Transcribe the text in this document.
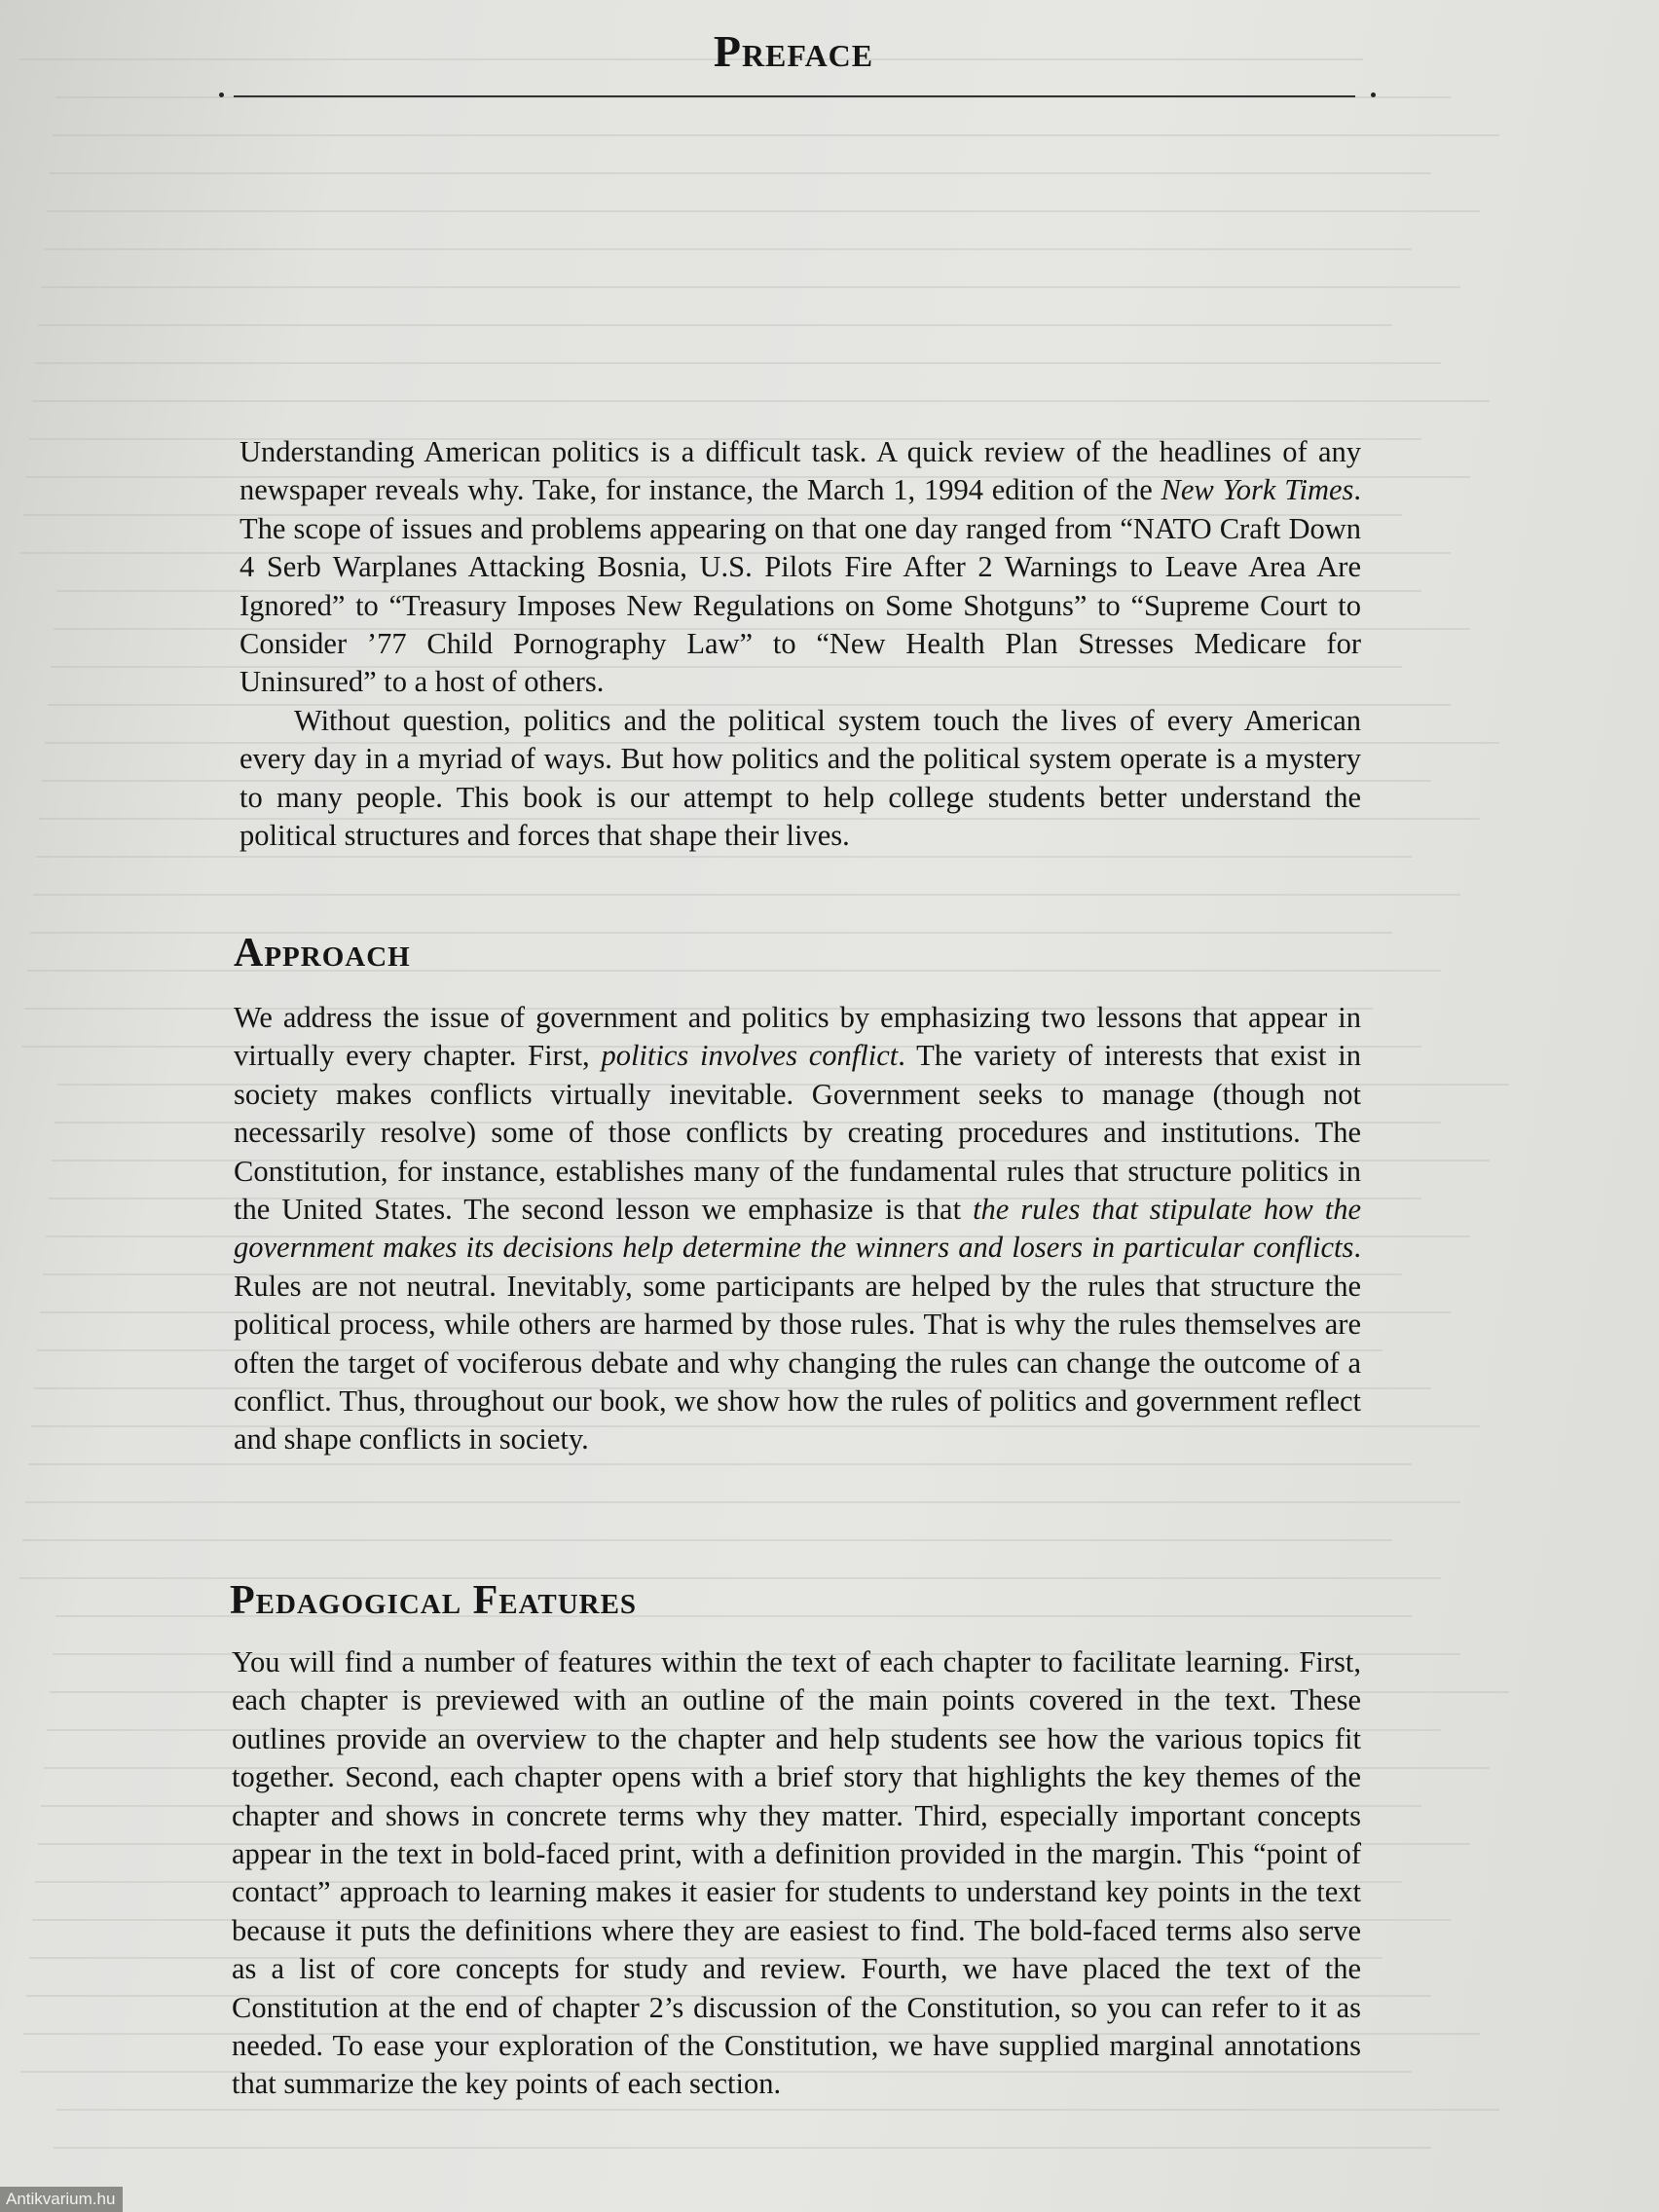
Preface

Understanding American politics is a difficult task. A quick review of the headlines of any newspaper reveals why. Take, for instance, the March 1, 1994 edition of the New York Times. The scope of issues and problems appearing on that one day ranged from “NATO Craft Down 4 Serb Warplanes Attacking Bosnia, U.S. Pilots Fire After 2 Warnings to Leave Area Are Ignored” to “Treasury Imposes New Regulations on Some Shotguns” to “Supreme Court to Consider ’77 Child Pornography Law” to “New Health Plan Stresses Medicare for Uninsured” to a host of others.

Without question, politics and the political system touch the lives of every American every day in a myriad of ways. But how politics and the political system operate is a mystery to many people. This book is our attempt to help college students better understand the political structures and forces that shape their lives.

Approach

We address the issue of government and politics by emphasizing two lessons that appear in virtually every chapter. First, politics involves conflict. The variety of interests that exist in society makes conflicts virtually inevitable. Government seeks to manage (though not necessarily resolve) some of those conflicts by creating procedures and institutions. The Constitution, for instance, establishes many of the fundamental rules that structure politics in the United States. The second lesson we emphasize is that the rules that stipulate how the government makes its decisions help determine the winners and losers in particular conflicts. Rules are not neutral. Inevitably, some participants are helped by the rules that structure the political process, while others are harmed by those rules. That is why the rules themselves are often the target of vociferous debate and why changing the rules can change the outcome of a conflict. Thus, throughout our book, we show how the rules of politics and government reflect and shape conflicts in society.

Pedagogical Features

You will find a number of features within the text of each chapter to facilitate learning. First, each chapter is previewed with an outline of the main points covered in the text. These outlines provide an overview to the chapter and help students see how the various topics fit together. Second, each chapter opens with a brief story that highlights the key themes of the chapter and shows in concrete terms why they matter. Third, especially important concepts appear in the text in bold-faced print, with a definition provided in the margin. This “point of contact” approach to learning makes it easier for students to understand key points in the text because it puts the definitions where they are easiest to find. The bold-faced terms also serve as a list of core concepts for study and review. Fourth, we have placed the text of the Constitution at the end of chapter 2’s discussion of the Constitution, so you can refer to it as needed. To ease your exploration of the Constitution, we have supplied marginal annotations that summarize the key points of each section.

Antikvarium.hu
